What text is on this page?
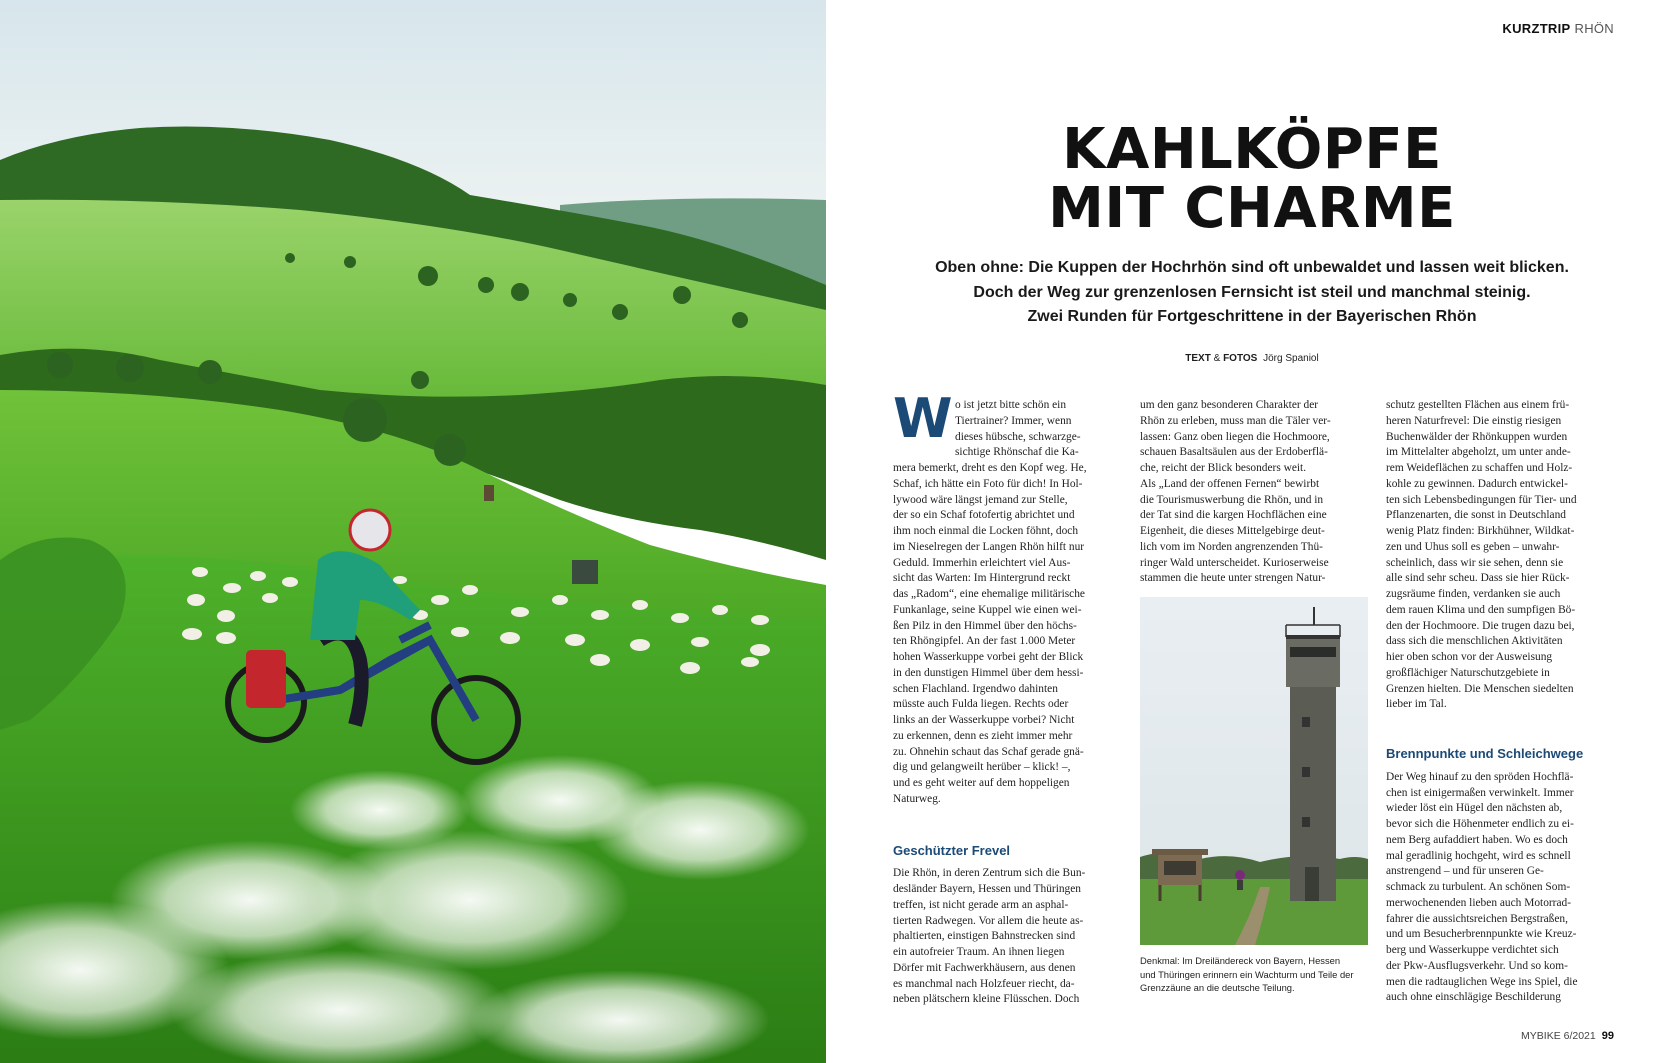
KURZTRIP RHÖN
KAHLKÖPFE
MIT CHARME
Oben ohne: Die Kuppen der Hochrhön sind oft unbewaldet und lassen weit blicken.
Doch der Weg zur grenzenlosen Fernsicht ist steil und manchmal steinig.
Zwei Runden für Fortgeschrittene in der Bayerischen Rhön
TEXT & FOTOS Jörg Spaniol
W o ist jetzt bitte schön ein
Tiertrainer? Immer, wenn
dieses hübsche, schwarzge-
sichtige Rhönschaf die Ka-
mera bemerkt, dreht es den Kopf weg. He,
Schaf, ich hätte ein Foto für dich! In Hol-
lywood wäre längst jemand zur Stelle,
der so ein Schaf fotofertig abrichtet und
ihm noch einmal die Locken föhnt, doch
im Nieselregen der Langen Rhön hilft nur
Geduld. Immerhin erleichtert viel Aus-
sicht das Warten: Im Hintergrund reckt
das „Radom“, eine ehemalige militärische
Funkanlage, seine Kuppel wie einen wei-
ßen Pilz in den Himmel über den höchs-
ten Rhöngipfel. An der fast 1.000 Meter
hohen Wasserkuppe vorbei geht der Blick
in den dunstigen Himmel über dem hessi-
schen Flachland. Irgendwo dahinten
müsste auch Fulda liegen. Rechts oder
links an der Wasserkuppe vorbei? Nicht
zu erkennen, denn es zieht immer mehr
zu. Ohnehin schaut das Schaf gerade gnä-
dig und gelangweilt herüber – klick! –,
und es geht weiter auf dem hoppeligen
Naturweg.
Geschützter Frevel
Die Rhön, in deren Zentrum sich die Bun-
desländer Bayern, Hessen und Thüringen
treffen, ist nicht gerade arm an asphal-
tierten Radwegen. Vor allem die heute as-
phaltierten, einstigen Bahnstrecken sind
ein autofreier Traum. An ihnen liegen
Dörfer mit Fachwerkhäusern, aus denen
es manchmal nach Holzfeuer riecht, da-
neben plätschern kleine Flüsschen. Doch
um den ganz besonderen Charakter der
Rhön zu erleben, muss man die Täler ver-
lassen: Ganz oben liegen die Hochmoore,
schauen Basaltsäulen aus der Erdoberflä-
che, reicht der Blick besonders weit.
Als „Land der offenen Fernen“ bewirbt
die Tourismuswerbung die Rhön, und in
der Tat sind die kargen Hochflächen eine
Eigenheit, die dieses Mittelgebirge deut-
lich vom im Norden angrenzenden Thü-
ringer Wald unterscheidet. Kurioserweise
stammen die heute unter strengen Natur-
Denkmal: Im Dreiländereck von Bayern, Hessen
und Thüringen erinnern ein Wachturm und Teile der
Grenzzäune an die deutsche Teilung.
schutz gestellten Flächen aus einem frü-
heren Naturfrevel: Die einstig riesigen
Buchenwälder der Rhönkuppen wurden
im Mittelalter abgeholzt, um unter ande-
rem Weideflächen zu schaffen und Holz-
kohle zu gewinnen. Dadurch entwickel-
ten sich Lebensbedingungen für Tier- und
Pflanzenarten, die sonst in Deutschland
wenig Platz finden: Birkhühner, Wildkat-
zen und Uhus soll es geben – unwahr-
scheinlich, dass wir sie sehen, denn sie
alle sind sehr scheu. Dass sie hier Rück-
zugsräume finden, verdanken sie auch
dem rauen Klima und den sumpfigen Bö-
den der Hochmoore. Die trugen dazu bei,
dass sich die menschlichen Aktivitäten
hier oben schon vor der Ausweisung
großflächiger Naturschutzgebiete in
Grenzen hielten. Die Menschen siedelten
lieber im Tal.
Brennpunkte und Schleichwege
Der Weg hinauf zu den spröden Hochflä-
chen ist einigermaßen verwinkelt. Immer
wieder löst ein Hügel den nächsten ab,
bevor sich die Höhenmeter endlich zu ei-
nem Berg aufaddiert haben. Wo es doch
mal geradlinig hochgeht, wird es schnell
anstrengend – und für unseren Ge-
schmack zu turbulent. An schönen Som-
merwochenenden lieben auch Motorrad-
fahrer die aussichtsreichen Bergstraßen,
und um Besucherbrennpunkte wie Kreuz-
berg und Wasserkuppe verdichtet sich
der Pkw-Ausflugsverkehr. Und so kom-
men die radtauglichen Wege ins Spiel, die
auch ohne einschlägige Beschilderung
MYBIKE 6/2021 99
